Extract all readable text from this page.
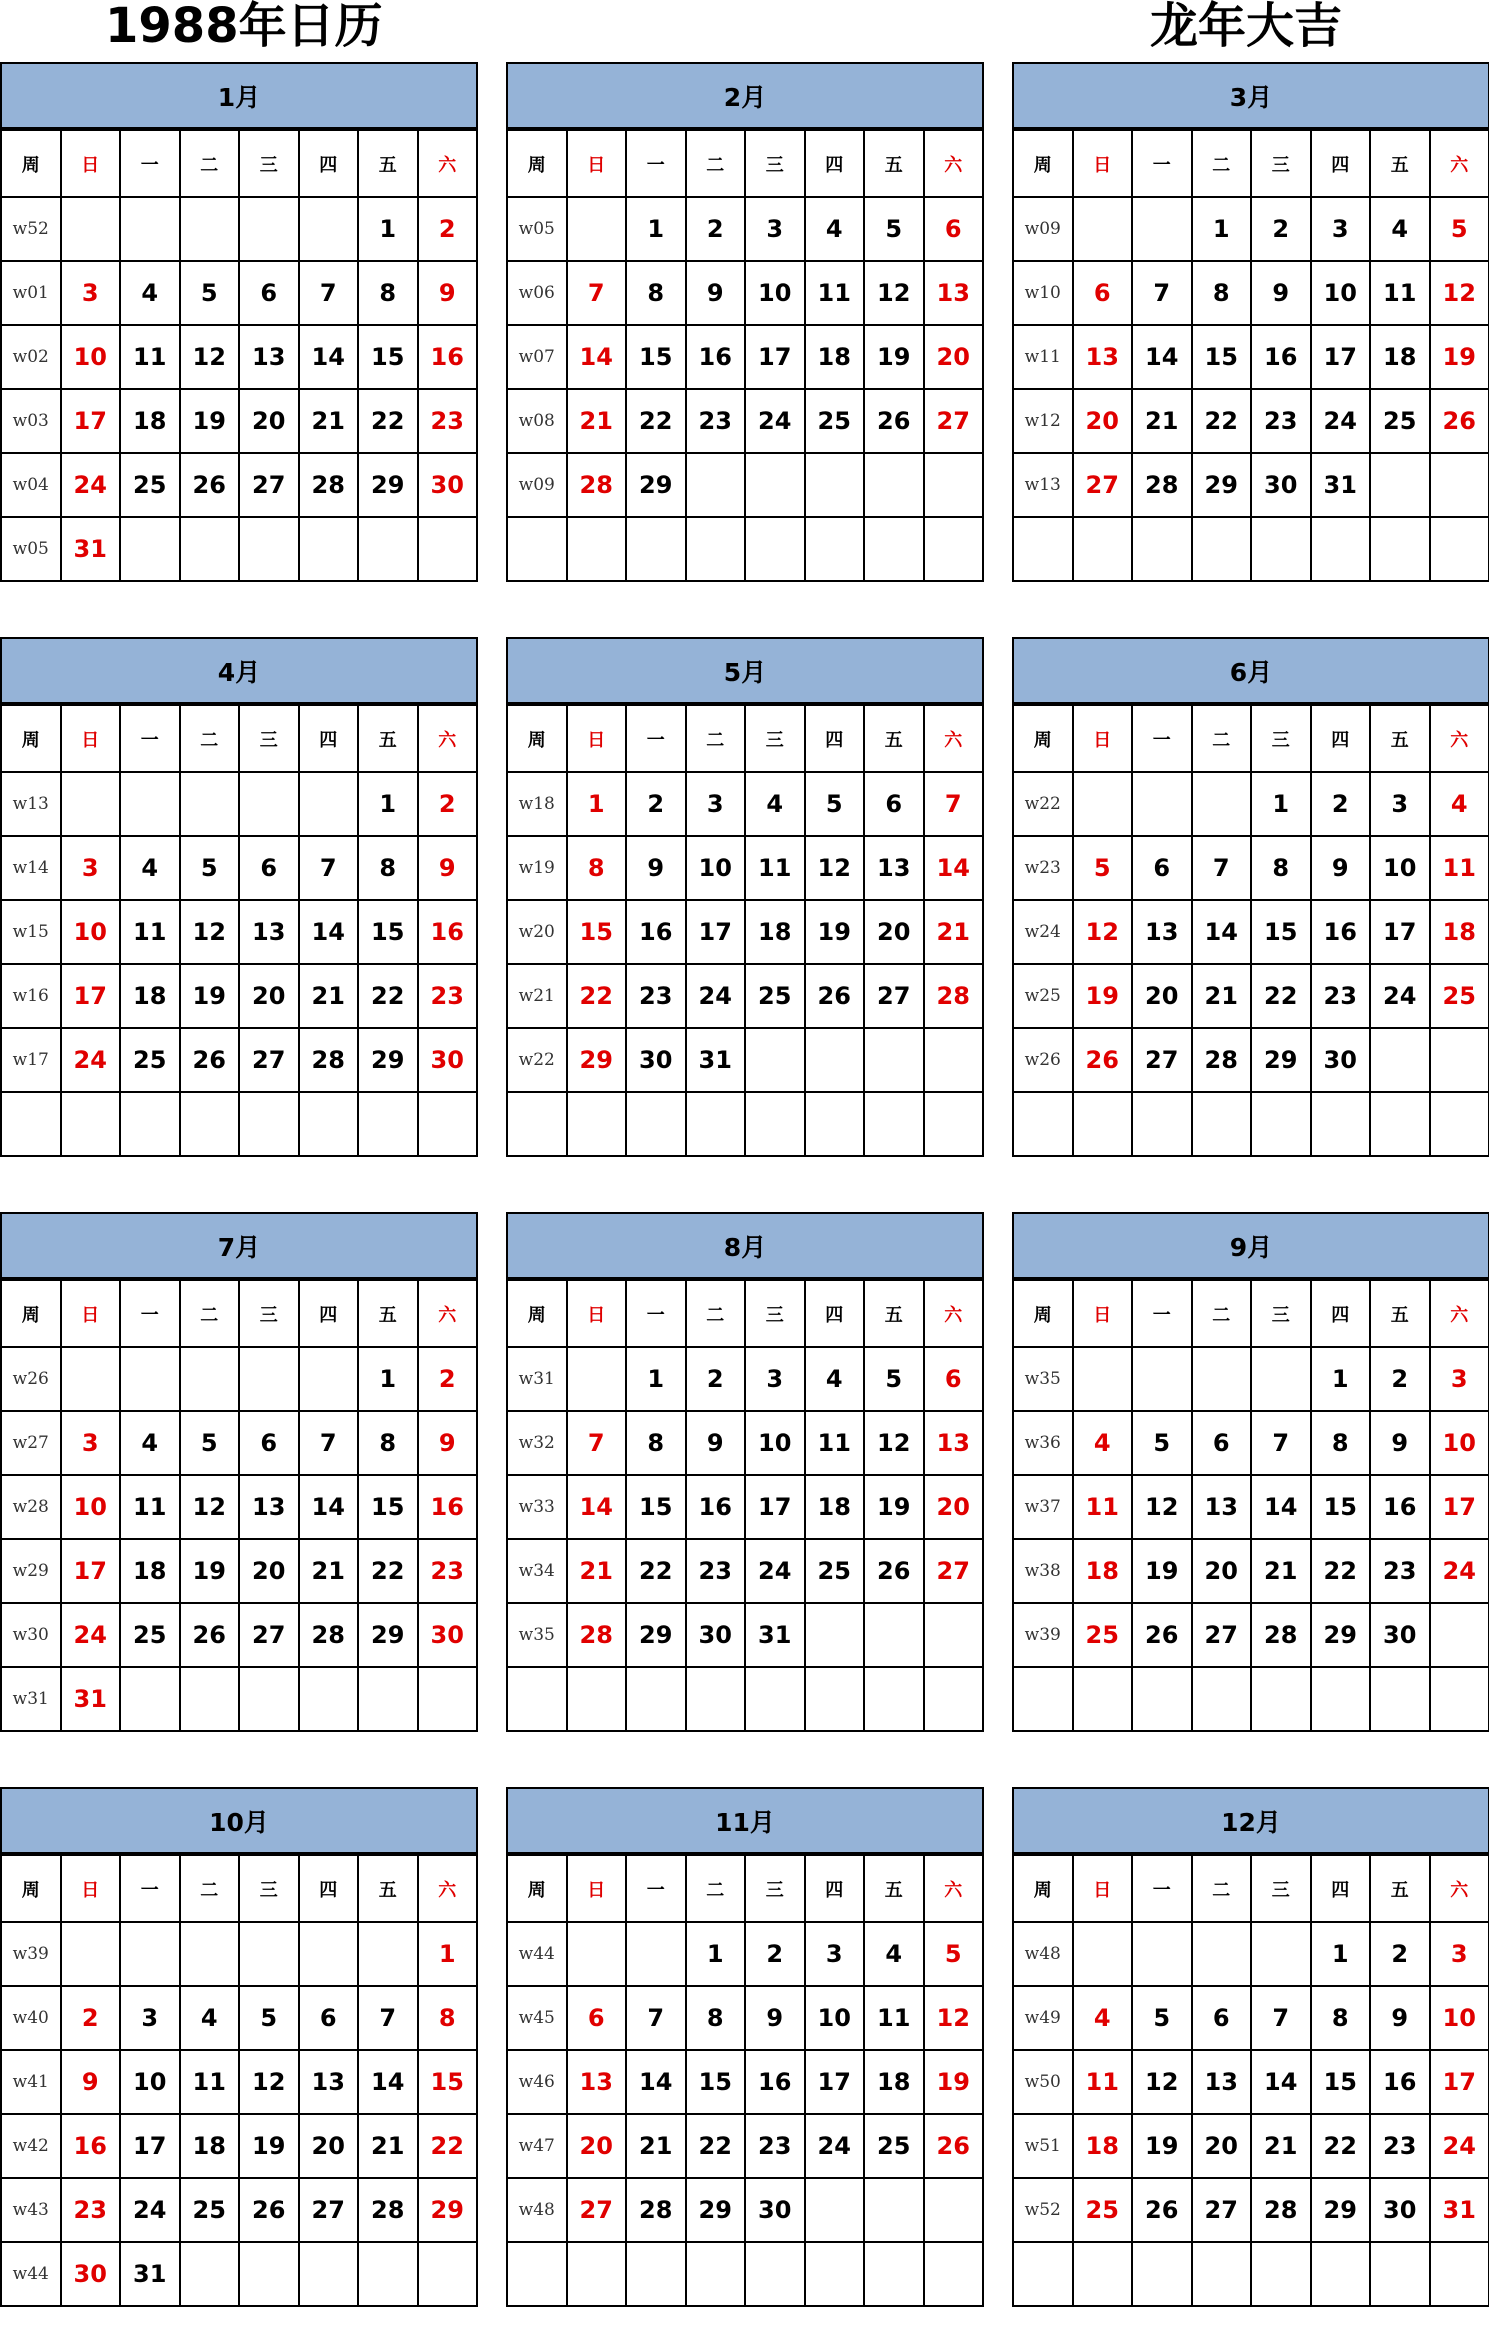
1988年日历	龙年大吉
1月
周	日	一	二	三	四	五	六
w52						1	2
w01	3	4	5	6	7	8	9
w02	10	11	12	13	14	15	16
w03	17	18	19	20	21	22	23
w04	24	25	26	27	28	29	30
w05	31						
2月
周	日	一	二	三	四	五	六
w05		1	2	3	4	5	6
w06	7	8	9	10	11	12	13
w07	14	15	16	17	18	19	20
w08	21	22	23	24	25	26	27
w09	28	29					

3月
周	日	一	二	三	四	五	六
w09			1	2	3	4	5
w10	6	7	8	9	10	11	12
w11	13	14	15	16	17	18	19
w12	20	21	22	23	24	25	26
w13	27	28	29	30	31		

4月
周	日	一	二	三	四	五	六
w13						1	2
w14	3	4	5	6	7	8	9
w15	10	11	12	13	14	15	16
w16	17	18	19	20	21	22	23
w17	24	25	26	27	28	29	30

5月
周	日	一	二	三	四	五	六
w18	1	2	3	4	5	6	7
w19	8	9	10	11	12	13	14
w20	15	16	17	18	19	20	21
w21	22	23	24	25	26	27	28
w22	29	30	31				

6月
周	日	一	二	三	四	五	六
w22				1	2	3	4
w23	5	6	7	8	9	10	11
w24	12	13	14	15	16	17	18
w25	19	20	21	22	23	24	25
w26	26	27	28	29	30		

7月
周	日	一	二	三	四	五	六
w26						1	2
w27	3	4	5	6	7	8	9
w28	10	11	12	13	14	15	16
w29	17	18	19	20	21	22	23
w30	24	25	26	27	28	29	30
w31	31						
8月
周	日	一	二	三	四	五	六
w31		1	2	3	4	5	6
w32	7	8	9	10	11	12	13
w33	14	15	16	17	18	19	20
w34	21	22	23	24	25	26	27
w35	28	29	30	31			

9月
周	日	一	二	三	四	五	六
w35					1	2	3
w36	4	5	6	7	8	9	10
w37	11	12	13	14	15	16	17
w38	18	19	20	21	22	23	24
w39	25	26	27	28	29	30	

10月
周	日	一	二	三	四	五	六
w39							1
w40	2	3	4	5	6	7	8
w41	9	10	11	12	13	14	15
w42	16	17	18	19	20	21	22
w43	23	24	25	26	27	28	29
w44	30	31					
11月
周	日	一	二	三	四	五	六
w44			1	2	3	4	5
w45	6	7	8	9	10	11	12
w46	13	14	15	16	17	18	19
w47	20	21	22	23	24	25	26
w48	27	28	29	30			

12月
周	日	一	二	三	四	五	六
w48					1	2	3
w49	4	5	6	7	8	9	10
w50	11	12	13	14	15	16	17
w51	18	19	20	21	22	23	24
w52	25	26	27	28	29	30	31
